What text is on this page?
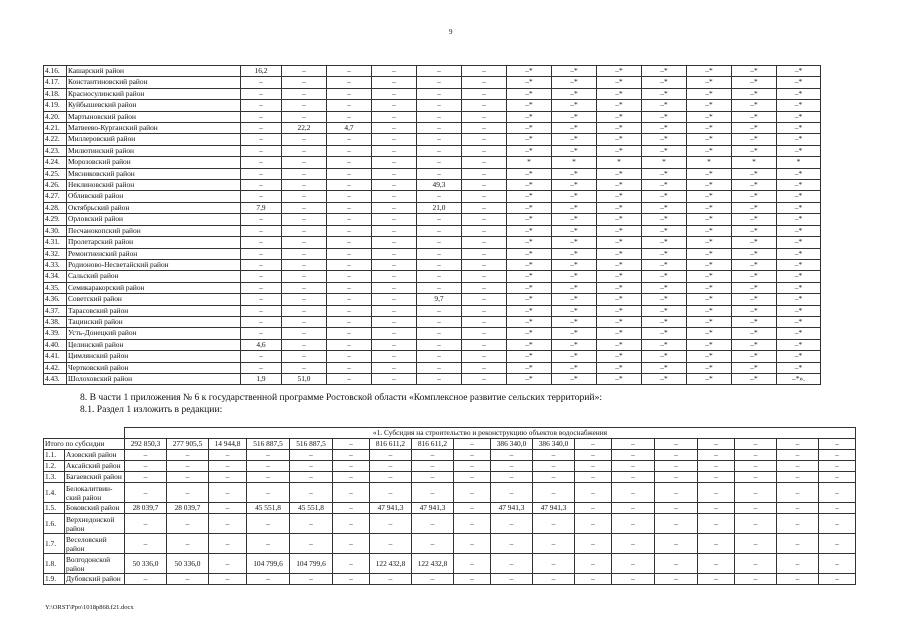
9
4.16.	Кашарский район	16,2	–	–	–	–	–	–*	–*	–*	–*	–*	–*	–*
4.17.	Константиновский район	–	–	–	–	–	–	–*	–*	–*	–*	–*	–*	–*
4.18.	Красносулинский район	–	–	–	–	–	–	–*	–*	–*	–*	–*	–*	–*
4.19.	Куйбышевский район	–	–	–	–	–	–	–*	–*	–*	–*	–*	–*	–*
4.20.	Мартыновский район	–	–	–	–	–	–	–*	–*	–*	–*	–*	–*	–*
4.21.	Матвеево-Курганский район	–	22,2	4,7	–	–	–	–*	–*	–*	–*	–*	–*	–*
4.22.	Миллеровский район	–	–	–	–	–	–	–*	–*	–*	–*	–*	–*	–*
4.23.	Милютинский район	–	–	–	–	–	–	–*	–*	–*	–*	–*	–*	–*
4.24.	Морозовский район	–	–	–	–	–	–	*	*	*	*	*	*	*
4.25.	Мясниковский район	–	–	–	–	–	–	–*	–*	–*	–*	–*	–*	–*
4.26.	Неклиновский район	–	–	–	–	49,3	–	–*	–*	–*	–*	–*	–*	–*
4.27.	Обливский район	–	–	–	–	–	–	–*	–*	–*	–*	–*	–*	–*
4.28.	Октябрьский район	7,9	–	–	–	21,0	–	–*	–*	–*	–*	–*	–*	–*
4.29.	Орловский район	–	–	–	–	–	–	–*	–*	–*	–*	–*	–*	–*
4.30.	Песчанокопский район	–	–	–	–	–	–	–*	–*	–*	–*	–*	–*	–*
4.31.	Пролетарский район	–	–	–	–	–	–	–*	–*	–*	–*	–*	–*	–*
4.32.	Ремонтненский район	–	–	–	–	–	–	–*	–*	–*	–*	–*	–*	–*
4.33.	Родионово-Несветайский район	–	–	–	–	–	–	–*	–*	–*	–*	–*	–*	–*
4.34.	Сальский район	–	–	–	–	–	–	–*	–*	–*	–*	–*	–*	–*
4.35.	Семикаракорский район	–	–	–	–	–	–	–*	–*	–*	–*	–*	–*	–*
4.36.	Советский район	–	–	–	–	9,7	–	–*	–*	–*	–*	–*	–*	–*
4.37.	Тарасовский район	–	–	–	–	–	–	–*	–*	–*	–*	–*	–*	–*
4.38.	Тацинский район	–	–	–	–	–	–	–*	–*	–*	–*	–*	–*	–*
4.39.	Усть-Донецкий район	–	–	–	–	–	–	–*	–*	–*	–*	–*	–*	–*
4.40.	Целинский район	4,6	–	–	–	–	–	–*	–*	–*	–*	–*	–*	–*
4.41.	Цимлянский район	–	–	–	–	–	–	–*	–*	–*	–*	–*	–*	–*
4.42.	Чертковский район	–	–	–	–	–	–	–*	–*	–*	–*	–*	–*	–*
4.43.	Шолоховский район	1,9	51,0	–	–	–	–	–*	–*	–*	–*	–*	–*	–*».
8. В части 1 приложения № 6 к государственной программе Ростовской области «Комплексное развитие сельских территорий»:
8.1. Раздел 1 изложить в редакции:
		«1. Субсидия на строительство и реконструкцию объектов водоснабжения																	
Итого по субсидии		292 850,3	277 905,5	14 944,8	516 887,5	516 887,5	–	816 611,2	816 611,2	–	386 340,0	386 340,0	–	–	–	–	–	–	–
1.1.	Азовский район	–	–	–	–	–	–	–	–	–	–	–	–	–	–	–	–	–	–
1.2.	Аксайский район	–	–	–	–	–	–	–	–	–	–	–	–	–	–	–	–	–	–
1.3.	Багаевский район	–	–	–	–	–	–	–	–	–	–	–	–	–	–	–	–	–	–
1.4.	Белокалитвин-ский район	–	–	–	–	–	–	–	–	–	–	–	–	–	–	–	–	–	–
1.5.	Боковский район	28 039,7	28 039,7	–	45 551,8	45 551,8	–	47 941,3	47 941,3	–	47 941,3	47 941,3	–	–	–	–	–	–	–
1.6.	Верхнедонской район	–	–	–	–	–	–	–	–	–	–	–	–	–	–	–	–	–	–
1.7.	Веселовский район	–	–	–	–	–	–	–	–	–	–	–	–	–	–	–	–	–	–
1.8.	Волгодонской район	50 336,0	50 336,0	–	104 799,6	104 799,6	–	122 432,8	122 432,8	–	–	–	–	–	–	–	–	–	–
1.9.	Дубовский район	–	–	–	–	–	–	–	–	–	–	–	–	–	–	–	–	–	–
Y:\ORST\Ppo\1018p868.f21.docx
